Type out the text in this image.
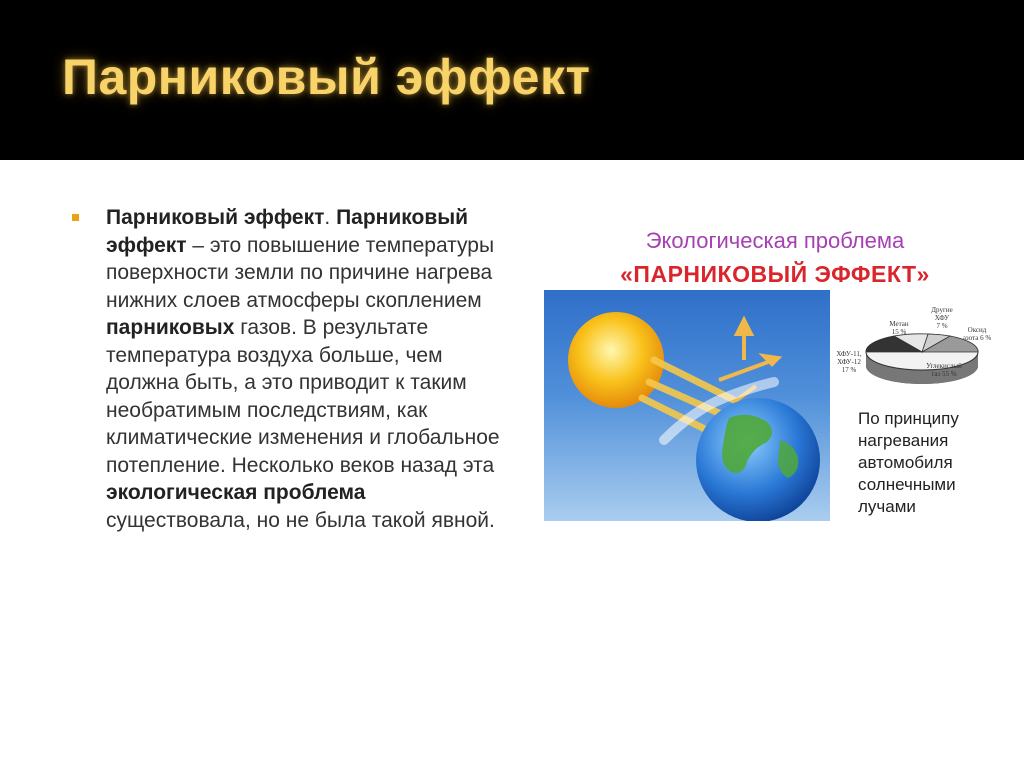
Парниковый эффект
Парниковый эффект. Парниковый эффект – это повышение температуры поверхности земли по причине нагрева нижних слоев атмосферы скоплением парниковых газов. В результате температура воздуха больше, чем должна быть, а это приводит к таким необратимым последствиям, как климатические изменения и глобальное потепление. Несколько веков назад эта экологическая проблема существовала, но не была такой явной.
Экологическая проблема
«ПАРНИКОВЫЙ ЭФФЕКТ»
Метан
15 %
Другие
ХФУ
7 %	Оксид
азота 6 %
ХФУ-11,
ХФУ-12
17 %	Углекислый
газ 55 %
По принципу нагревания автомобиля солнечными лучами
